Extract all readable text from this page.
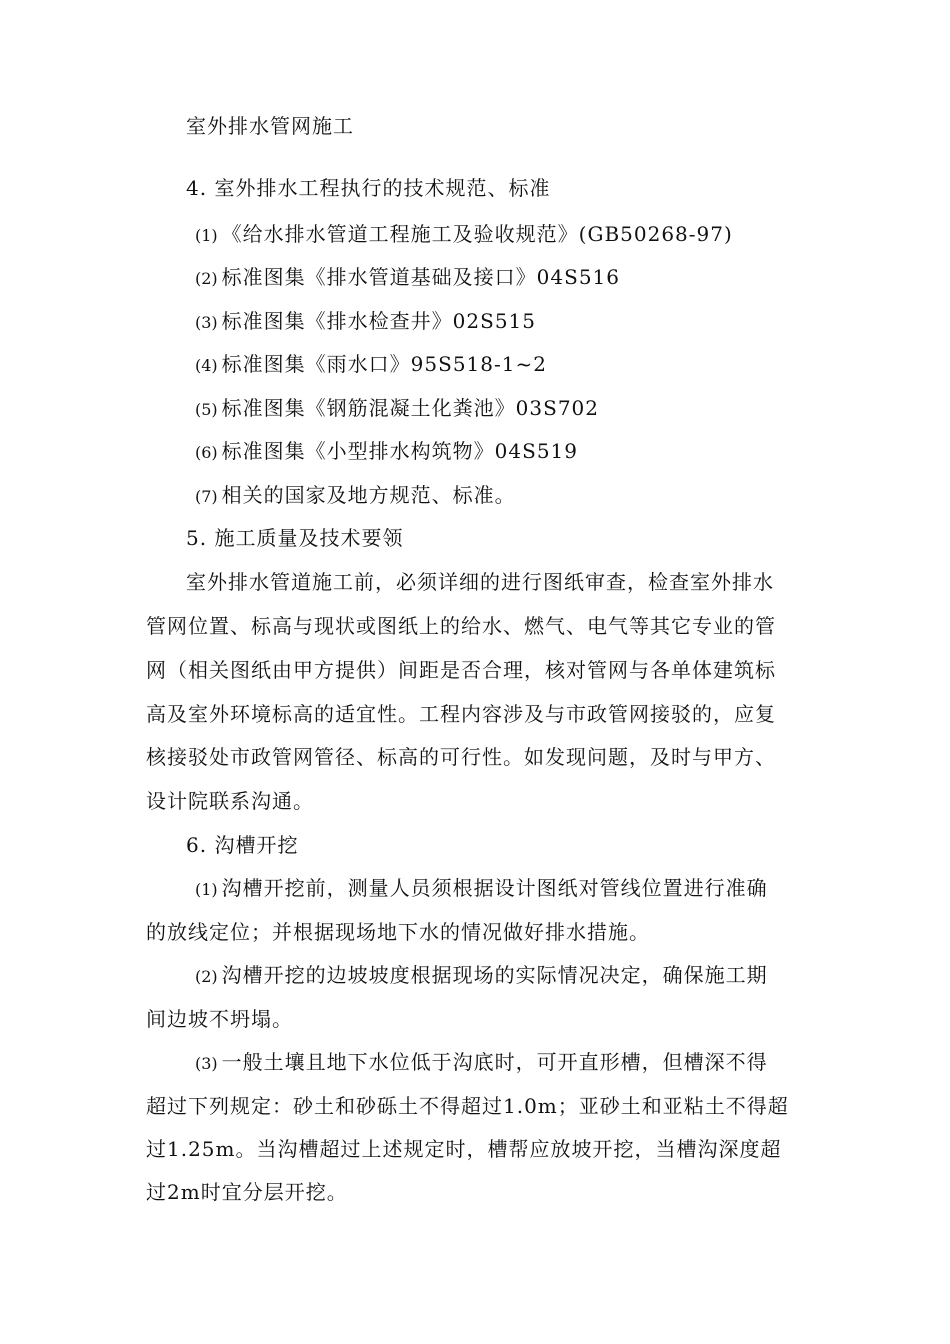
室外排水管网施工
4. 室外排水工程执行的技术规范、标准
(1) 《给水排水管道工程施工及验收规范》(GB50268-97)
(2) 标准图集《排水管道基础及接口》04S516
(3) 标准图集《排水检查井》02S515
(4) 标准图集《雨水口》95S518-1~2
(5) 标准图集《钢筋混凝土化粪池》03S702
(6) 标准图集《小型排水构筑物》04S519
(7) 相关的国家及地方规范、标准。
5. 施工质量及技术要领
室外排水管道施工前，必须详细的进行图纸审查，检查室外排水
管网位置、标高与现状或图纸上的给水、燃气、电气等其它专业的管
网（相关图纸由甲方提供）间距是否合理，核对管网与各单体建筑标
高及室外环境标高的适宜性。工程内容涉及与市政管网接驳的，应复
核接驳处市政管网管径、标高的可行性。如发现问题，及时与甲方、
设计院联系沟通。
6. 沟槽开挖
(1) 沟槽开挖前，测量人员须根据设计图纸对管线位置进行准确
的放线定位；并根据现场地下水的情况做好排水措施。
(2) 沟槽开挖的边坡坡度根据现场的实际情况决定，确保施工期
间边坡不坍塌。
(3) 一般土壤且地下水位低于沟底时，可开直形槽，但槽深不得
超过下列规定：砂土和砂砾土不得超过1.0m；亚砂土和亚粘土不得超
过1.25m。当沟槽超过上述规定时，槽帮应放坡开挖，当槽沟深度超
过2m时宜分层开挖。
